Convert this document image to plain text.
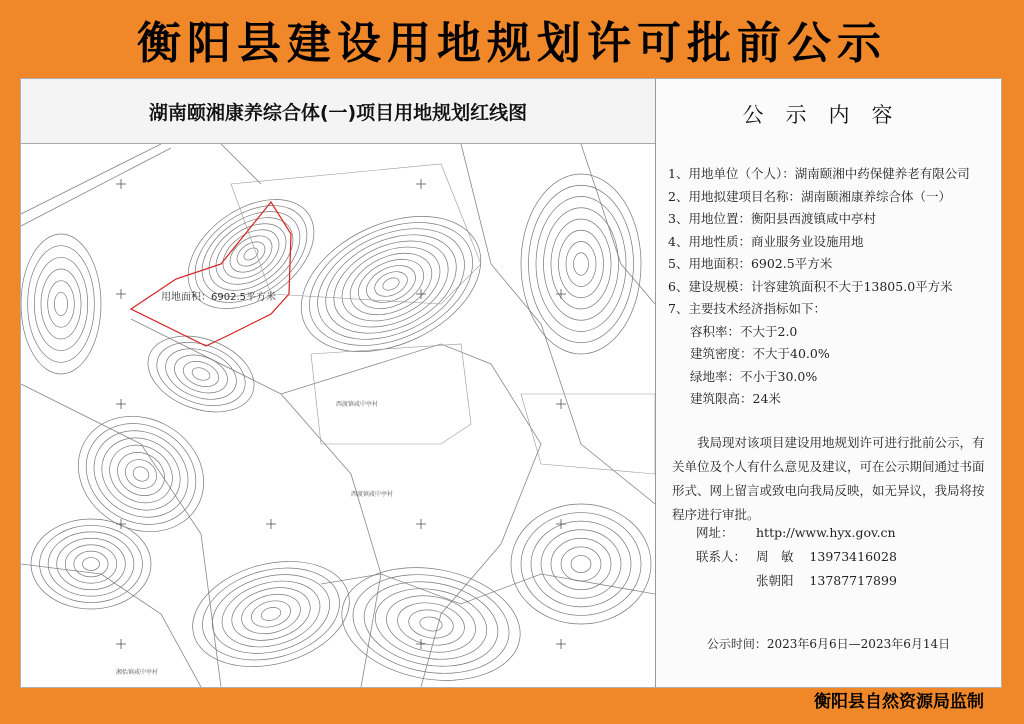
衡阳县建设用地规划许可批前公示
湖南颐湘康养综合体(一)项目用地规划红线图
用地面积：6902.5平方米
西渡镇咸中亭村
西渡镇咸中亭村
湘怡镇咸中亭村
公示内容
1、用地单位（个人）：湖南颐湘中药保健养老有限公司
2、用地拟建项目名称：湖南颐湘康养综合体（一）
3、用地位置：衡阳县西渡镇咸中亭村
4、用地性质：商业服务业设施用地
5、用地面积：6902.5平方米
6、建设规模：计容建筑面积不大于13805.0平方米
7、主要技术经济指标如下：
容积率：不大于2.0
建筑密度：不大于40.0%
绿地率：不小于30.0%
建筑限高：24米
我局现对该项目建设用地规划许可进行批前公示，有关单位及个人有什么意见及建议，可在公示期间通过书面形式、网上留言或致电向我局反映，如无异议，我局将按程序进行审批。
网址： http://www.hyx.gov.cn
联系人： 周　敏 13973416028
张朝阳 13787717899
公示时间：2023年6月6日—2023年6月14日
衡阳县自然资源局监制
